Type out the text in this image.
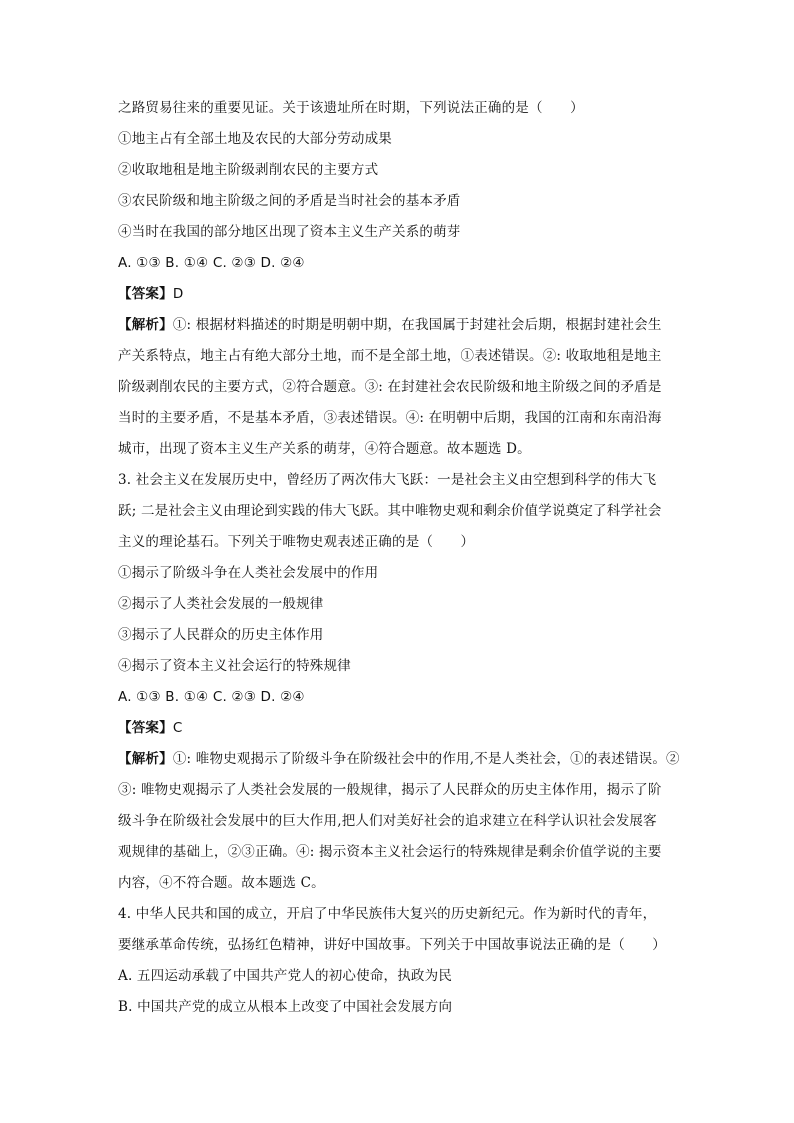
之路贸易往来的重要见证。关于该遗址所在时期，下列说法正确的是（　　）
①地主占有全部土地及农民的大部分劳动成果
②收取地租是地主阶级剥削农民的主要方式
③农民阶级和地主阶级之间的矛盾是当时社会的基本矛盾
④当时在我国的部分地区出现了资本主义生产关系的萌芽
A. ①③ B. ①④ C. ②③ D. ②④
【答案】D
【解析】①: 根据材料描述的时期是明朝中期，在我国属于封建社会后期，根据封建社会生
产关系特点，地主占有绝大部分土地，而不是全部土地，①表述错误。②: 收取地租是地主
阶级剥削农民的主要方式，②符合题意。③: 在封建社会农民阶级和地主阶级之间的矛盾是
当时的主要矛盾，不是基本矛盾，③表述错误。④: 在明朝中后期，我国的江南和东南沿海
城市，出现了资本主义生产关系的萌芽，④符合题意。故本题选 D。
3. 社会主义在发展历史中，曾经历了两次伟大飞跃：一是社会主义由空想到科学的伟大飞
跃; 二是社会主义由理论到实践的伟大飞跃。其中唯物史观和剩余价值学说奠定了科学社会
主义的理论基石。下列关于唯物史观表述正确的是（　　）
①揭示了阶级斗争在人类社会发展中的作用
②揭示了人类社会发展的一般规律
③揭示了人民群众的历史主体作用
④揭示了资本主义社会运行的特殊规律
A. ①③ B. ①④ C. ②③ D. ②④
【答案】C
【解析】①: 唯物史观揭示了阶级斗争在阶级社会中的作用,不是人类社会，①的表述错误。②
③: 唯物史观揭示了人类社会发展的一般规律，揭示了人民群众的历史主体作用，揭示了阶
级斗争在阶级社会发展中的巨大作用,把人们对美好社会的追求建立在科学认识社会发展客
观规律的基础上，②③正确。④: 揭示资本主义社会运行的特殊规律是剩余价值学说的主要
内容，④不符合题。故本题选 C。
4. 中华人民共和国的成立，开启了中华民族伟大复兴的历史新纪元。作为新时代的青年，
要继承革命传统，弘扬红色精神，讲好中国故事。下列关于中国故事说法正确的是（　　）
A. 五四运动承载了中国共产党人的初心使命，执政为民
B. 中国共产党的成立从根本上改变了中国社会发展方向
